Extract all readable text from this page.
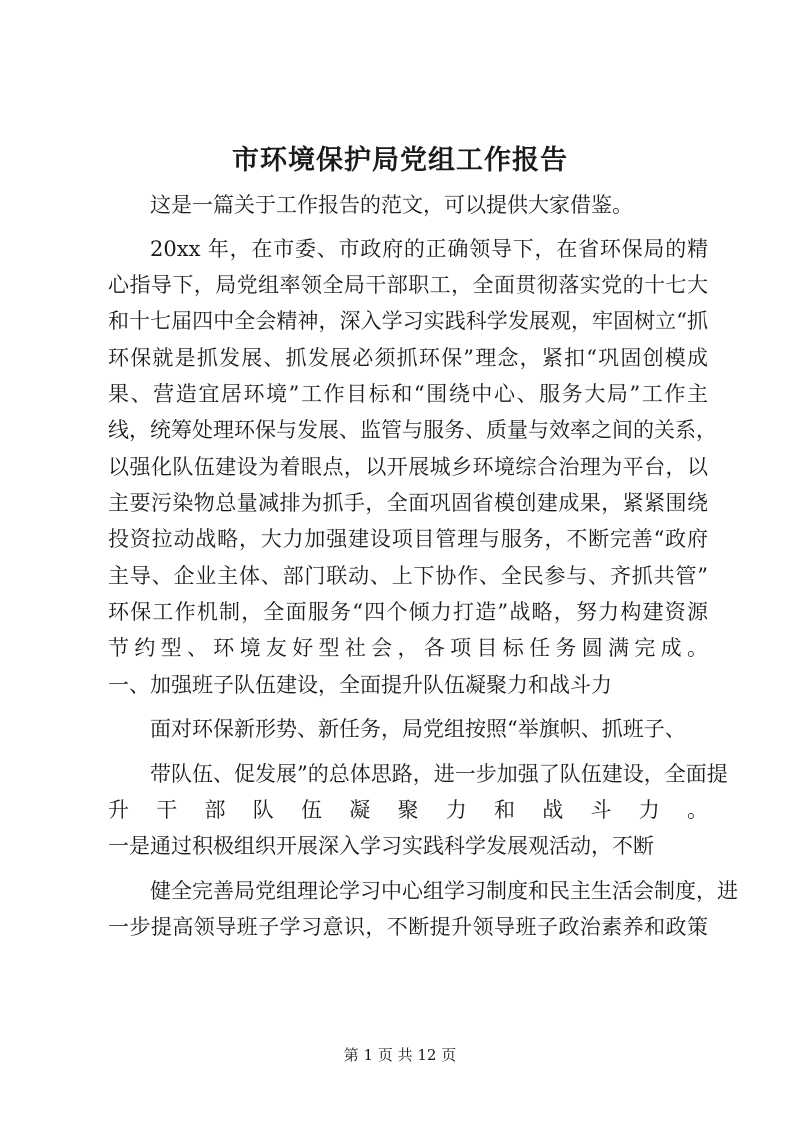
市环境保护局党组工作报告
这是一篇关于工作报告的范文，可以提供大家借鉴。
20xx 年，在市委、市政府的正确领导下，在省环保局的精
心指导下，局党组率领全局干部职工，全面贯彻落实党的十七大
和十七届四中全会精神，深入学习实践科学发展观，牢固树立“抓
环保就是抓发展、抓发展必须抓环保”理念，紧扣“巩固创模成
果、营造宜居环境”工作目标和“围绕中心、服务大局”工作主
线，统筹处理环保与发展、监管与服务、质量与效率之间的关系，
以强化队伍建设为着眼点，以开展城乡环境综合治理为平台，以
主要污染物总量减排为抓手，全面巩固省模创建成果，紧紧围绕
投资拉动战略，大力加强建设项目管理与服务，不断完善“政府
主导、企业主体、部门联动、上下协作、全民参与、齐抓共管”
环保工作机制，全面服务“四个倾力打造”战略，努力构建资源
节约型、环境友好型社会，各项目标任务圆满完成。
一、加强班子队伍建设，全面提升队伍凝聚力和战斗力
面对环保新形势、新任务，局党组按照“举旗帜、抓班子、
带队伍、促发展”的总体思路，进一步加强了队伍建设，全面提
升干部队伍凝聚力和战斗力。
一是通过积极组织开展深入学习实践科学发展观活动，不断
健全完善局党组理论学习中心组学习制度和民主生活会制度，进
一步提高领导班子学习意识，不断提升领导班子政治素养和政策
第 1 页 共 12 页
